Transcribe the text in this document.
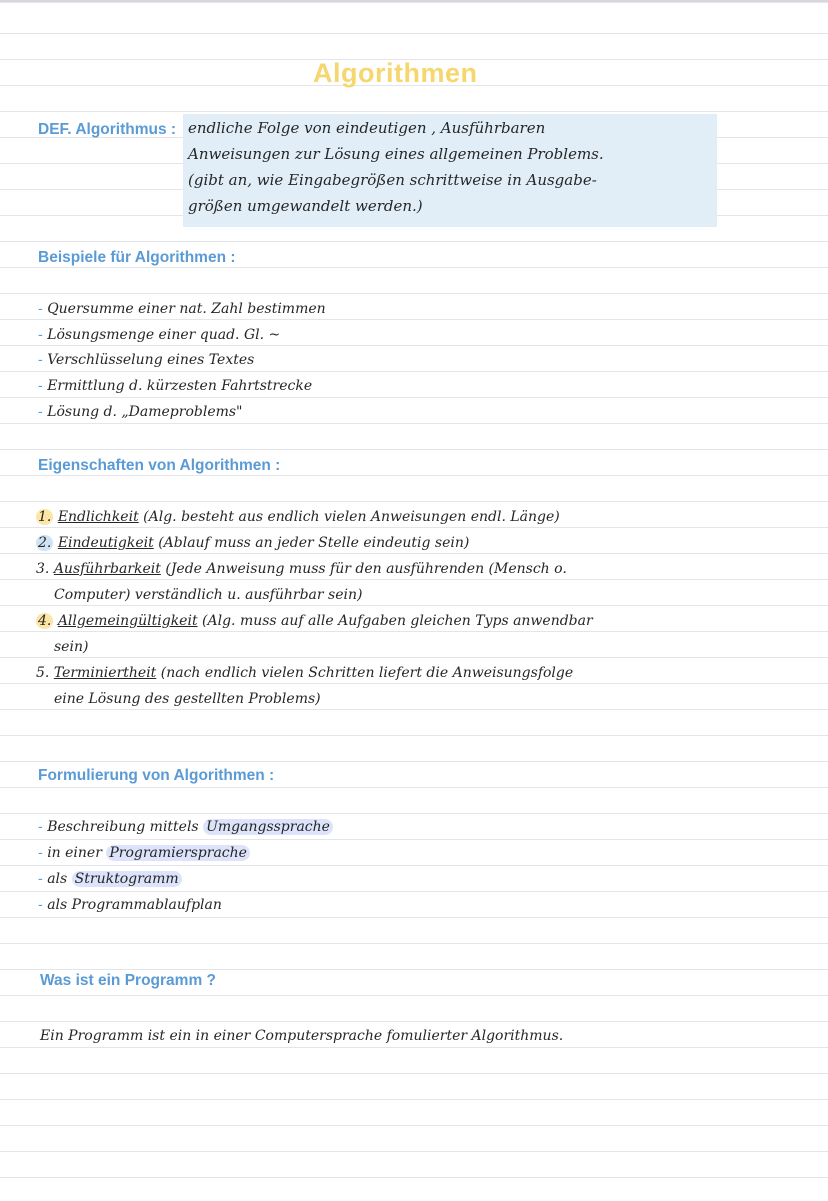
Algorithmen
DEF. Algorithmus : endliche Folge von eindeutigen , Ausführbaren
Anweisungen zur Lösung eines allgemeinen Problems.
(gibt an, wie Eingabegrößen schrittweise in Ausgabe-
größen umgewandelt werden.)
Beispiele für Algorithmen :
- Quersumme einer nat. Zahl bestimmen
- Lösungsmenge einer quad. Gl. ~
- Verschlüsselung eines Textes
- Ermittlung d. kürzesten Fahrtstrecke
- Lösung d. „Dameproblems"
Eigenschaften von Algorithmen :
1. Endlichkeit (Alg. besteht aus endlich vielen Anweisungen endl. Länge)
2. Eindeutigkeit (Ablauf muss an jeder Stelle eindeutig sein)
3. Ausführbarkeit (Jede Anweisung muss für den ausführenden (Mensch o.
Computer) verständlich u. ausführbar sein)
4. Allgemeingültigkeit (Alg. muss auf alle Aufgaben gleichen Typs anwendbar
sein)
5. Terminiertheit (nach endlich vielen Schritten liefert die Anweisungsfolge
eine Lösung des gestellten Problems)
Formulierung von Algorithmen :
- Beschreibung mittels Umgangssprache
- in einer Programiersprache
- als Struktogramm
- als Programmablaufplan
Was ist ein Programm ?
Ein Programm ist ein in einer Computersprache fomulierter Algorithmus.
